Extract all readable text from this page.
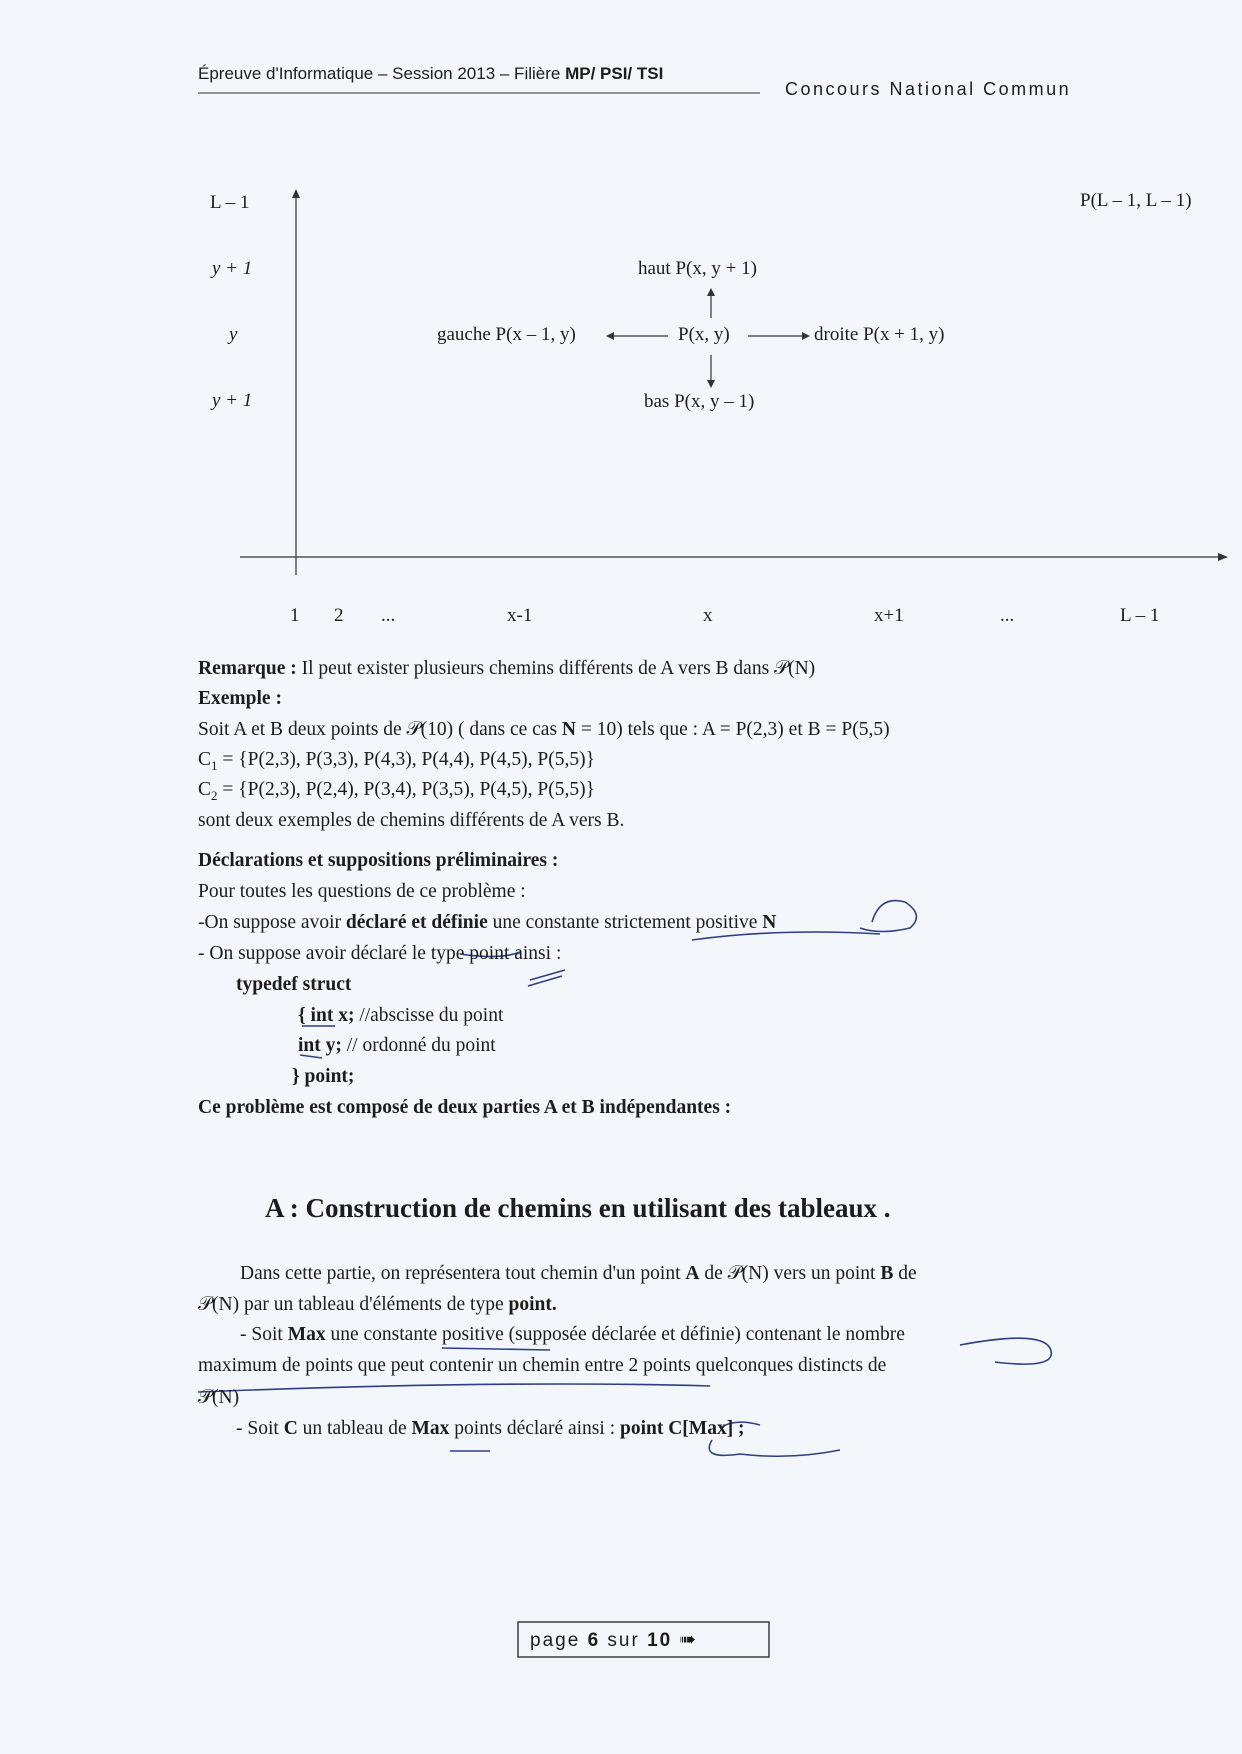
Épreuve d'Informatique – Session 2013 – Filière MP/ PSI/ TSI
Concours National Commun
L – 1
y + 1
y
y + 1
P(L – 1, L – 1)
haut P(x, y + 1)
gauche P(x – 1, y)	P(x, y)	droite P(x + 1, y)
bas P(x, y – 1)
1 2 ...	x-1	x	x+1	...	L – 1
Remarque : Il peut exister plusieurs chemins différents de A vers B dans 𝒫(N)
Exemple :
Soit A et B deux points de 𝒫(10) ( dans ce cas N = 10) tels que : A = P(2,3) et B = P(5,5)
$C_1 = \{P(2,3)$, P(3,3), P(4,3), P(4,4), P(4,5), P(5,5)}
$C_2 = \{P(2,3)$, P(2,4), P(3,4), P(3,5), P(4,5), P(5,5)}
sont deux exemples de chemins différents de A vers B.
Déclarations et suppositions préliminaires :
Pour toutes les questions de ce problème :
-On suppose avoir déclaré et définie une constante strictement positive N
- On suppose avoir déclaré le type point ainsi :
typedef struct
{ int x; //abscisse du point
int y; // ordonné du point
} point;
Ce problème est composé de deux parties A et B indépendantes :
A : Construction de chemins en utilisant des tableaux .
Dans cette partie, on représentera tout chemin d'un point A de 𝒫(N) vers un point B de
𝒫(N) par un tableau d'éléments de type point.
- Soit Max une constante positive (supposée déclarée et définie) contenant le nombre
maximum de points que peut contenir un chemin entre 2 points quelconques distincts de
𝒫(N)
- Soit C un tableau de Max points déclaré ainsi : point C[Max] ;
page 6 sur 10 ➠
